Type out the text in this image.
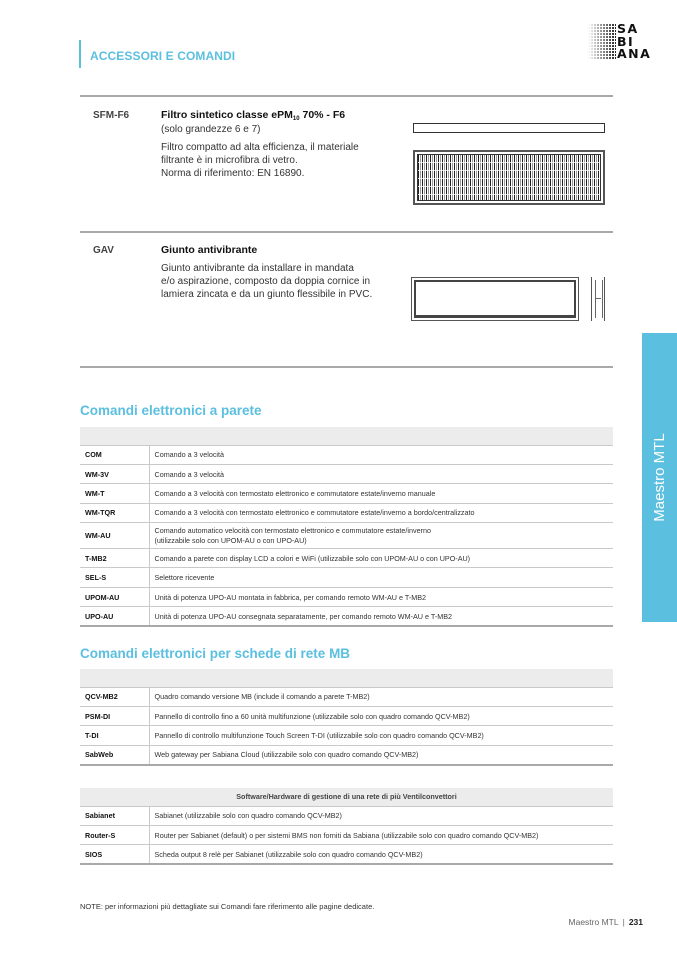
ACCESSORI E COMANDI
SA
BI
ANA
SFM-F6	Filtro sintetico classe ePM$_{10}$ 70% - F6
(solo grandezze 6 e 7)
Filtro compatto ad alta efficienza, il materiale
filtrante è in microfibra di vetro.
Norma di riferimento: EN 16890.
GAV	Giunto antivibrante
Giunto antivibrante da installare in mandata
e/o aspirazione, composto da doppia cornice in
lamiera zincata e da un giunto flessibile in PVC.
Comandi elettronici a parete

COM	Comando a 3 velocità
WM-3V	Comando a 3 velocità
WM-T	Comando a 3 velocità con termostato elettronico e commutatore estate/inverno manuale
WM-TQR	Comando a 3 velocità con termostato elettronico e commutatore estate/inverno a bordo/centralizzato
WM-AU	Comando automatico velocità con termostato elettronico e commutatore estate/inverno
(utilizzabile solo con UPOM-AU o con UPO-AU)

T-MB2	Comando a parete con display LCD a colori e WiFi (utilizzabile solo con UPOM-AU o con UPO-AU)
SEL-S	Selettore ricevente
UPOM-AU	Unità di potenza UPO-AU montata in fabbrica, per comando remoto WM-AU e T-MB2
UPO-AU	Unità di potenza UPO-AU consegnata separatamente, per comando remoto WM-AU e T-MB2
Comandi elettronici per schede di rete MB

QCV-MB2	Quadro comando versione MB (include il comando a parete T-MB2)
PSM-DI	Pannello di controllo fino a 60 unità multifunzione (utilizzabile solo con quadro comando QCV-MB2)
T-DI	Pannello di controllo multifunzione Touch Screen T-DI (utilizzabile solo con quadro comando QCV-MB2)
SabWeb	Web gateway per Sabiana Cloud (utilizzabile solo con quadro comando QCV-MB2)
Software/Hardware di gestione di una rete di più Ventilconvettori	
Sabianet	Sabianet (utilizzabile solo con quadro comando QCV-MB2)
Router-S	Router per Sabianet (default) o per sistemi BMS non forniti da Sabiana (utilizzabile solo con quadro comando QCV-MB2)
SIOS	Scheda output 8 relè per Sabianet (utilizzabile solo con quadro comando QCV-MB2)
Maestro MTL
NOTE: per informazioni più dettagliate sui Comandi fare riferimento alle pagine dedicate.
Maestro MTL | 231
